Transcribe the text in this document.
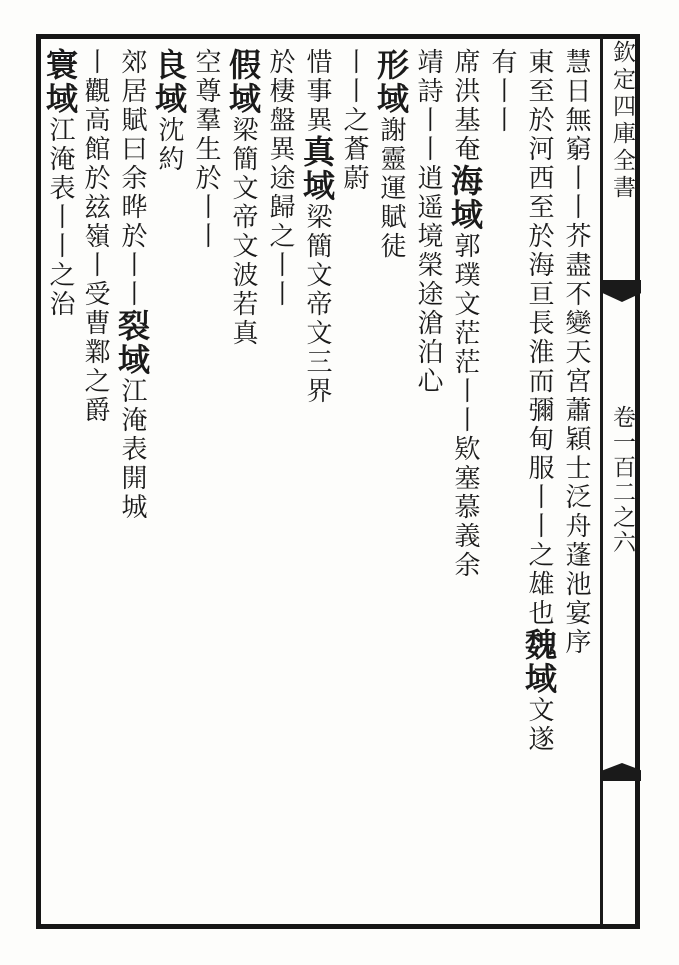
欽定四庫全書
卷一百二之六
慧日無窮丨丨芥盡不變天宮蕭穎士泛舟蓬池宴序
東至於河西至於海亘長淮而彌甸服丨丨之雄也魏域文遂
有丨丨
席洪基奄海域郭璞文茫茫丨丨欵塞慕義余
靖詩丨丨逍遥境榮途滄泊心
形域謝靈運賦徒
丨丨之蒼蔚
惜事異真域梁簡文帝文三界
於棲盤異途歸之丨丨
假域梁簡文帝文波若真
空尊羣生於丨丨
良域沈約
郊居賦曰余晔於丨丨裂域江淹表開城
丨觀高館於玆嶺丨受曹鄴之爵
寰域江淹表丨丨之治
